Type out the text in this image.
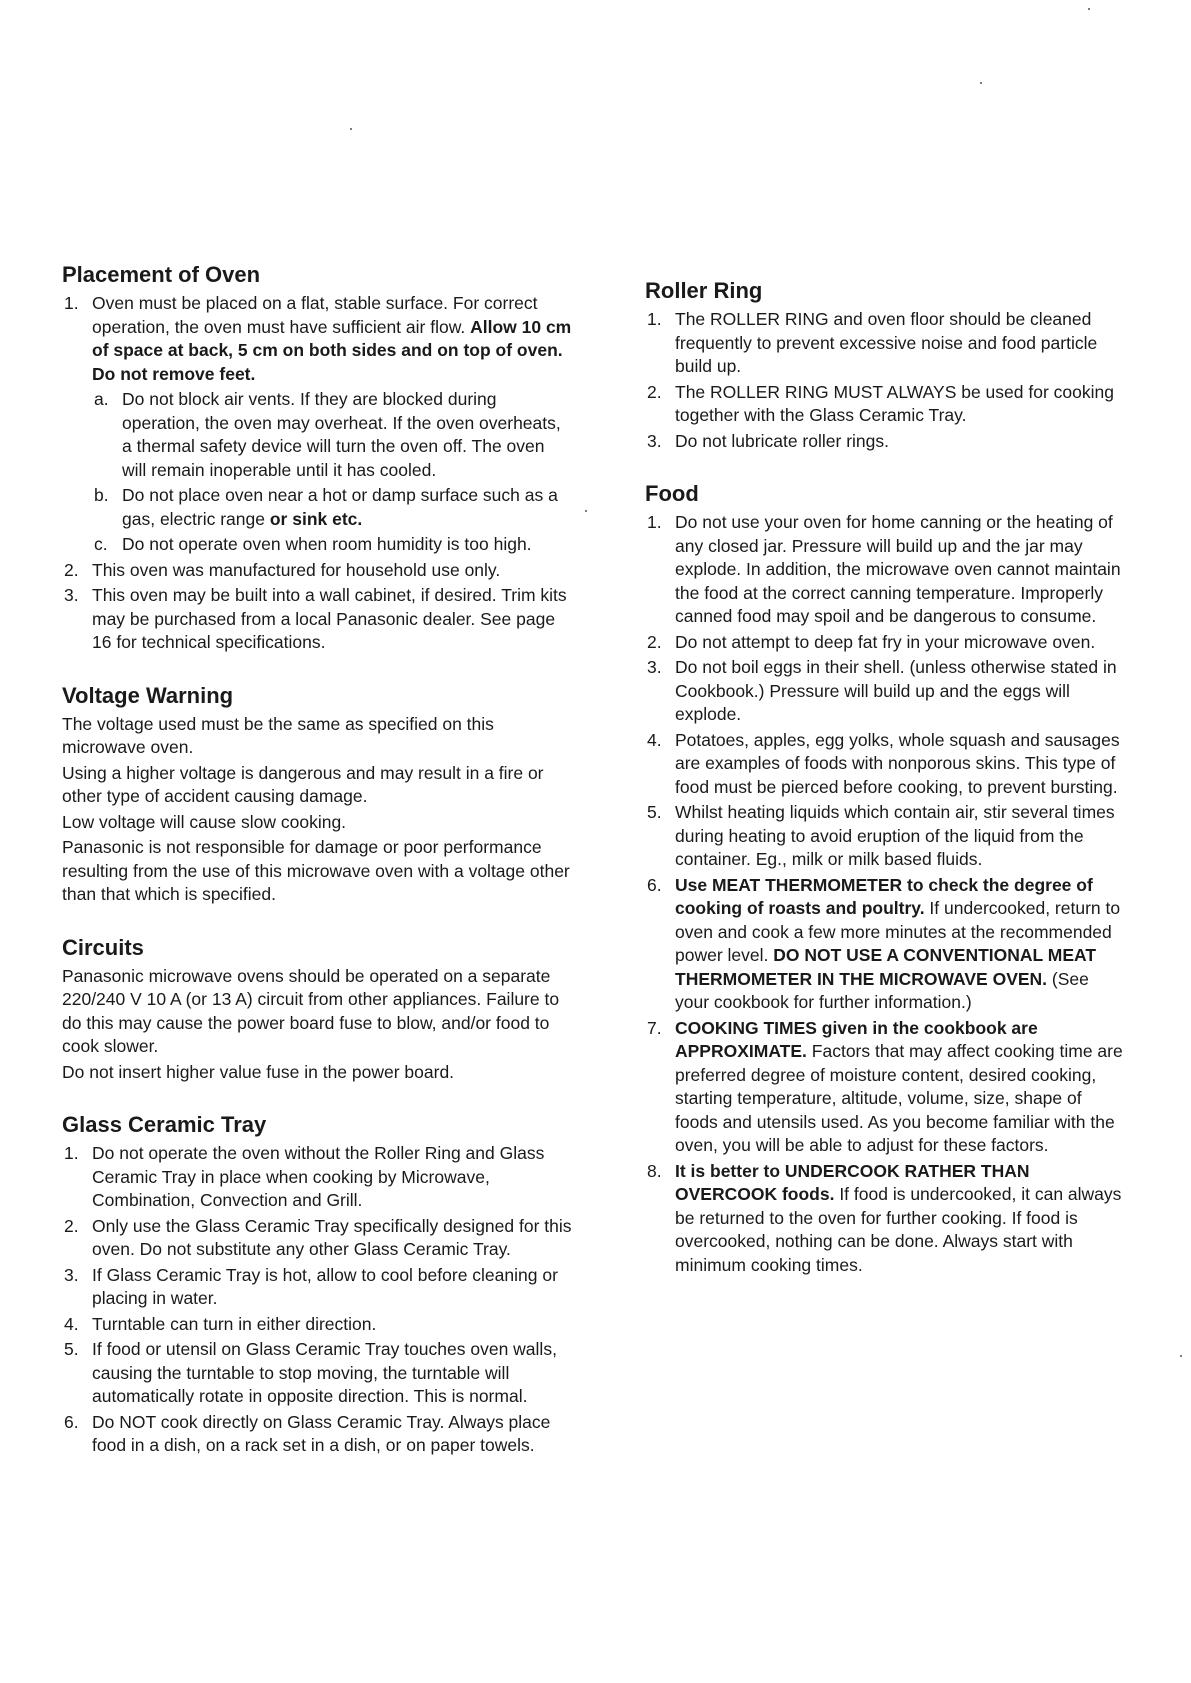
Placement of Oven
1. Oven must be placed on a flat, stable surface. For correct operation, the oven must have sufficient air flow. Allow 10 cm of space at back, 5 cm on both sides and on top of oven. Do not remove feet.
a. Do not block air vents. If they are blocked during operation, the oven may overheat. If the oven overheats, a thermal safety device will turn the oven off. The oven will remain inoperable until it has cooled.
b. Do not place oven near a hot or damp surface such as a gas, electric range or sink etc.
c. Do not operate oven when room humidity is too high.
2. This oven was manufactured for household use only.
3. This oven may be built into a wall cabinet, if desired. Trim kits may be purchased from a local Panasonic dealer. See page 16 for technical specifications.
Voltage Warning

The voltage used must be the same as specified on this microwave oven.

Using a higher voltage is dangerous and may result in a fire or other type of accident causing damage.

Low voltage will cause slow cooking.

Panasonic is not responsible for damage or poor performance resulting from the use of this microwave oven with a voltage other than that which is specified.

Circuits

Panasonic microwave ovens should be operated on a separate 220/240 V 10 A (or 13 A) circuit from other appliances. Failure to do this may cause the power board fuse to blow, and/or food to cook slower.

Do not insert higher value fuse in the power board.

Glass Ceramic Tray
1. Do not operate the oven without the Roller Ring and Glass Ceramic Tray in place when cooking by Microwave, Combination, Convection and Grill.
2. Only use the Glass Ceramic Tray specifically designed for this oven. Do not substitute any other Glass Ceramic Tray.
3. If Glass Ceramic Tray is hot, allow to cool before cleaning or placing in water.
4. Turntable can turn in either direction.
5. If food or utensil on Glass Ceramic Tray touches oven walls, causing the turntable to stop moving, the turntable will automatically rotate in opposite direction. This is normal.
6. Do NOT cook directly on Glass Ceramic Tray. Always place food in a dish, on a rack set in a dish, or on paper towels.
Roller Ring
1. The ROLLER RING and oven floor should be cleaned frequently to prevent excessive noise and food particle build up.
2. The ROLLER RING MUST ALWAYS be used for cooking together with the Glass Ceramic Tray.
3. Do not lubricate roller rings.
Food
1. Do not use your oven for home canning or the heating of any closed jar. Pressure will build up and the jar may explode. In addition, the microwave oven cannot maintain the food at the correct canning temperature. Improperly canned food may spoil and be dangerous to consume.
2. Do not attempt to deep fat fry in your microwave oven.
3. Do not boil eggs in their shell. (unless otherwise stated in Cookbook.) Pressure will build up and the eggs will explode.
4. Potatoes, apples, egg yolks, whole squash and sausages are examples of foods with nonporous skins. This type of food must be pierced before cooking, to prevent bursting.
5. Whilst heating liquids which contain air, stir several times during heating to avoid eruption of the liquid from the container. Eg., milk or milk based fluids.
6. Use MEAT THERMOMETER to check the degree of cooking of roasts and poultry. If undercooked, return to oven and cook a few more minutes at the recommended power level. DO NOT USE A CONVENTIONAL MEAT THERMOMETER IN THE MICROWAVE OVEN. (See your cookbook for further information.)
7. COOKING TIMES given in the cookbook are APPROXIMATE. Factors that may affect cooking time are preferred degree of moisture content, desired cooking, starting temperature, altitude, volume, size, shape of foods and utensils used. As you become familiar with the oven, you will be able to adjust for these factors.
8. It is better to UNDERCOOK RATHER THAN OVERCOOK foods. If food is undercooked, it can always be returned to the oven for further cooking. If food is overcooked, nothing can be done. Always start with minimum cooking times.
